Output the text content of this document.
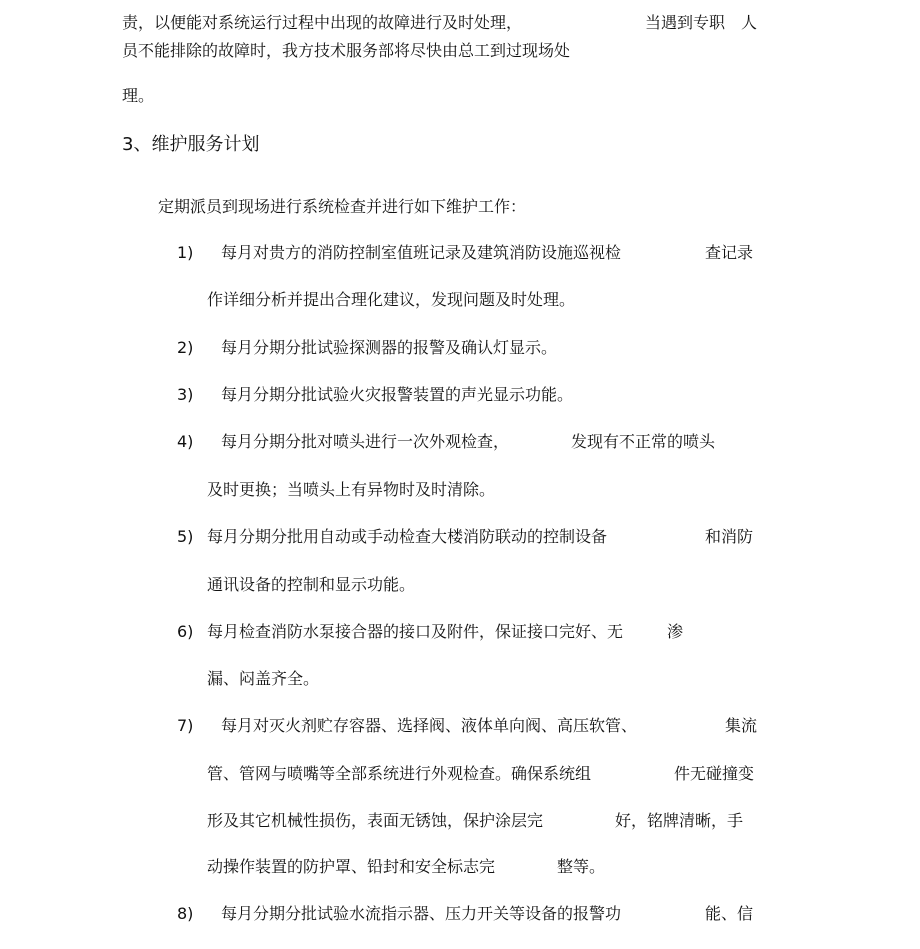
责，以便能对系统运行过程中出现的故障进行及时处理，	当遇到专职 人

员不能排除的故障时，我方技术服务部将尽快由总工到过现场处

理。

3、维护服务计划

定期派员到现场进行系统检查并进行如下维护工作：

1) 每月对贵方的消防控制室值班记录及建筑消防设施巡视检	查记录

作详细分析并提出合理化建议，发现问题及时处理。

2) 每月分期分批试验探测器的报警及确认灯显示。

3) 每月分期分批试验火灾报警装置的声光显示功能。

4) 每月分期分批对喷头进行一次外观检查，	发现有不正常的喷头

及时更换；当喷头上有异物时及时清除。

5) 每月分期分批用自动或手动检查大楼消防联动的控制设备	和消防

通讯设备的控制和显示功能。

6) 每月检查消防水泵接合器的接口及附件，保证接口完好、无	渗

漏、闷盖齐全。

7) 每月对灭火剂贮存容器、选择阀、液体单向阀、高压软管、	集流

管、管网与喷嘴等全部系统进行外观检查。确保系统组	件无碰撞变

形及其它机械性损伤，表面无锈蚀，保护涂层完	好，铭牌清晰，手

动操作装置的防护罩、铅封和安全标志完	整等。

8) 每月分期分批试验水流指示器、压力开关等设备的报警功	能、信
